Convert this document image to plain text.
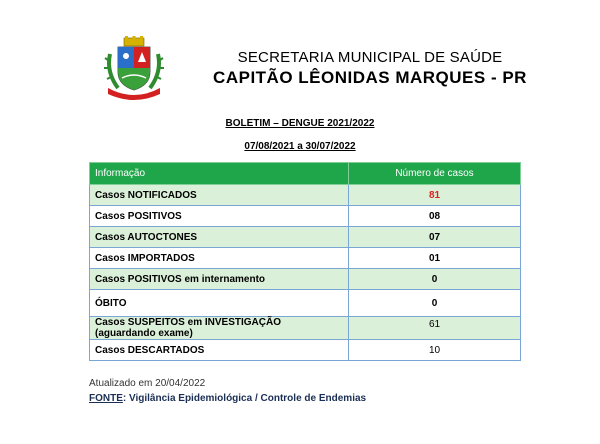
SECRETARIA MUNICIPAL DE SAÚDE
CAPITÃO LÊONIDAS MARQUES - PR
BOLETIM – DENGUE 2021/2022
07/08/2021 a 30/07/2022
Informação	Número de casos
Casos NOTIFICADOS	81
Casos POSITIVOS	08
Casos AUTOCTONES	07
Casos IMPORTADOS	01
Casos POSITIVOS em internamento	0
ÓBITO	0
Casos SUSPEITOS em INVESTIGAÇÃO
(aguardando exame)	61
Casos DESCARTADOS	10
Atualizado em 20/04/2022
FONTE: Vigilância Epidemiológica / Controle de Endemias
